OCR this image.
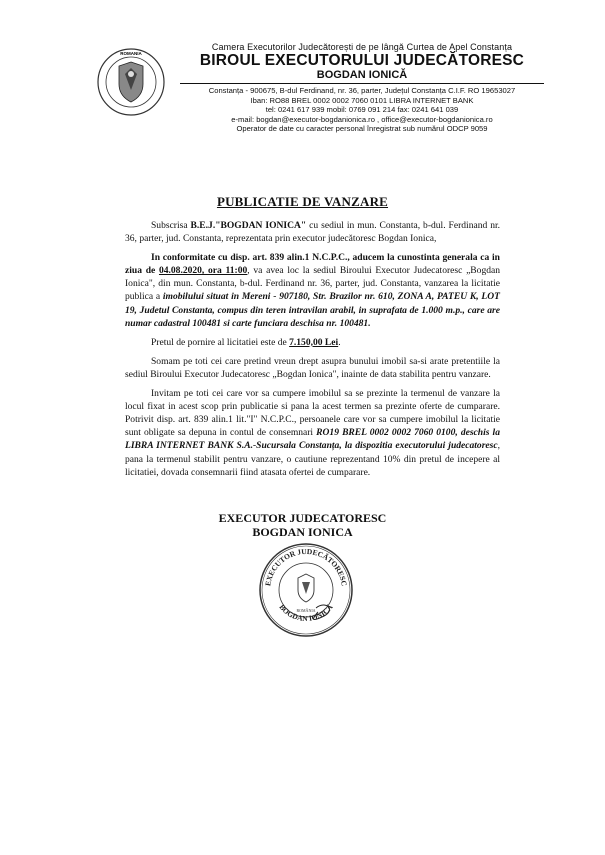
ROMANIA
Camera Executorilor Judecătorești de pe lângă Curtea de Apel Constanța
BIROUL EXECUTORULUI JUDECĂTORESC
BOGDAN IONICĂ
Constanța - 900675, B-dul Ferdinand, nr. 36, parter, Județul Constanța C.I.F. RO 19653027
Iban: RO88 BREL 0002 0002 7060 0101 LIBRA INTERNET BANK
tel: 0241 617 939 mobil: 0769 091 214 fax: 0241 641 039
e-mail: bogdan@executor-bogdanionica.ro , office@executor-bogdanionica.ro
Operator de date cu caracter personal înregistrat sub numărul ODCP 9059
PUBLICATIE DE VANZARE

Subscrisa B.E.J."BOGDAN IONICA" cu sediul in mun. Constanta, b-dul. Ferdinand nr. 36, parter, jud. Constanta, reprezentata prin executor judecătoresc Bogdan Ionica,

In conformitate cu disp. art. 839 alin.1 N.C.P.C., aducem la cunostinta generala ca in ziua de 04.08.2020, ora 11:00, va avea loc la sediul Biroului Executor Judecatoresc „Bogdan Ionica", din mun. Constanta, b-dul. Ferdinand nr. 36, parter, jud. Constanta, vanzarea la licitatie publica a imobilului situat in Mereni - 907180, Str. Brazilor nr. 610, ZONA A, PATEU K, LOT 19, Judetul Constanta, compus din teren intravilan arabil, in suprafata de 1.000 m.p., care are numar cadastral 100481 si carte funciara deschisa nr. 100481.

Pretul de pornire al licitatiei este de 7.150,00 Lei.

Somam pe toti cei care pretind vreun drept asupra bunului imobil sa-si arate pretentiile la sediul Biroului Executor Judecatoresc „Bogdan Ionica", inainte de data stabilita pentru vanzare.

Invitam pe toti cei care vor sa cumpere imobilul sa se prezinte la termenul de vanzare la locul fixat in acest scop prin publicatie si pana la acest termen sa prezinte oferte de cumparare. Potrivit disp. art. 839 alin.1 lit."I" N.C.P.C., persoanele care vor sa cumpere imobilul la licitatie sunt obligate sa depuna in contul de consemnari RO19 BREL 0002 0002 7060 0100, deschis la LIBRA INTERNET BANK S.A.-Sucursala Constanța, la dispozitia executorului judecatoresc, pana la termenul stabilit pentru vanzare, o cautiune reprezentand 10% din pretul de incepere al licitatiei, dovada consemnarii fiind atasata ofertei de cumparare.

EXECUTOR JUDECATORESC
BOGDAN IONICA
EXECUTOR JUDECĂTORESC
BOGDAN IONICĂ
ROMÂNIA
